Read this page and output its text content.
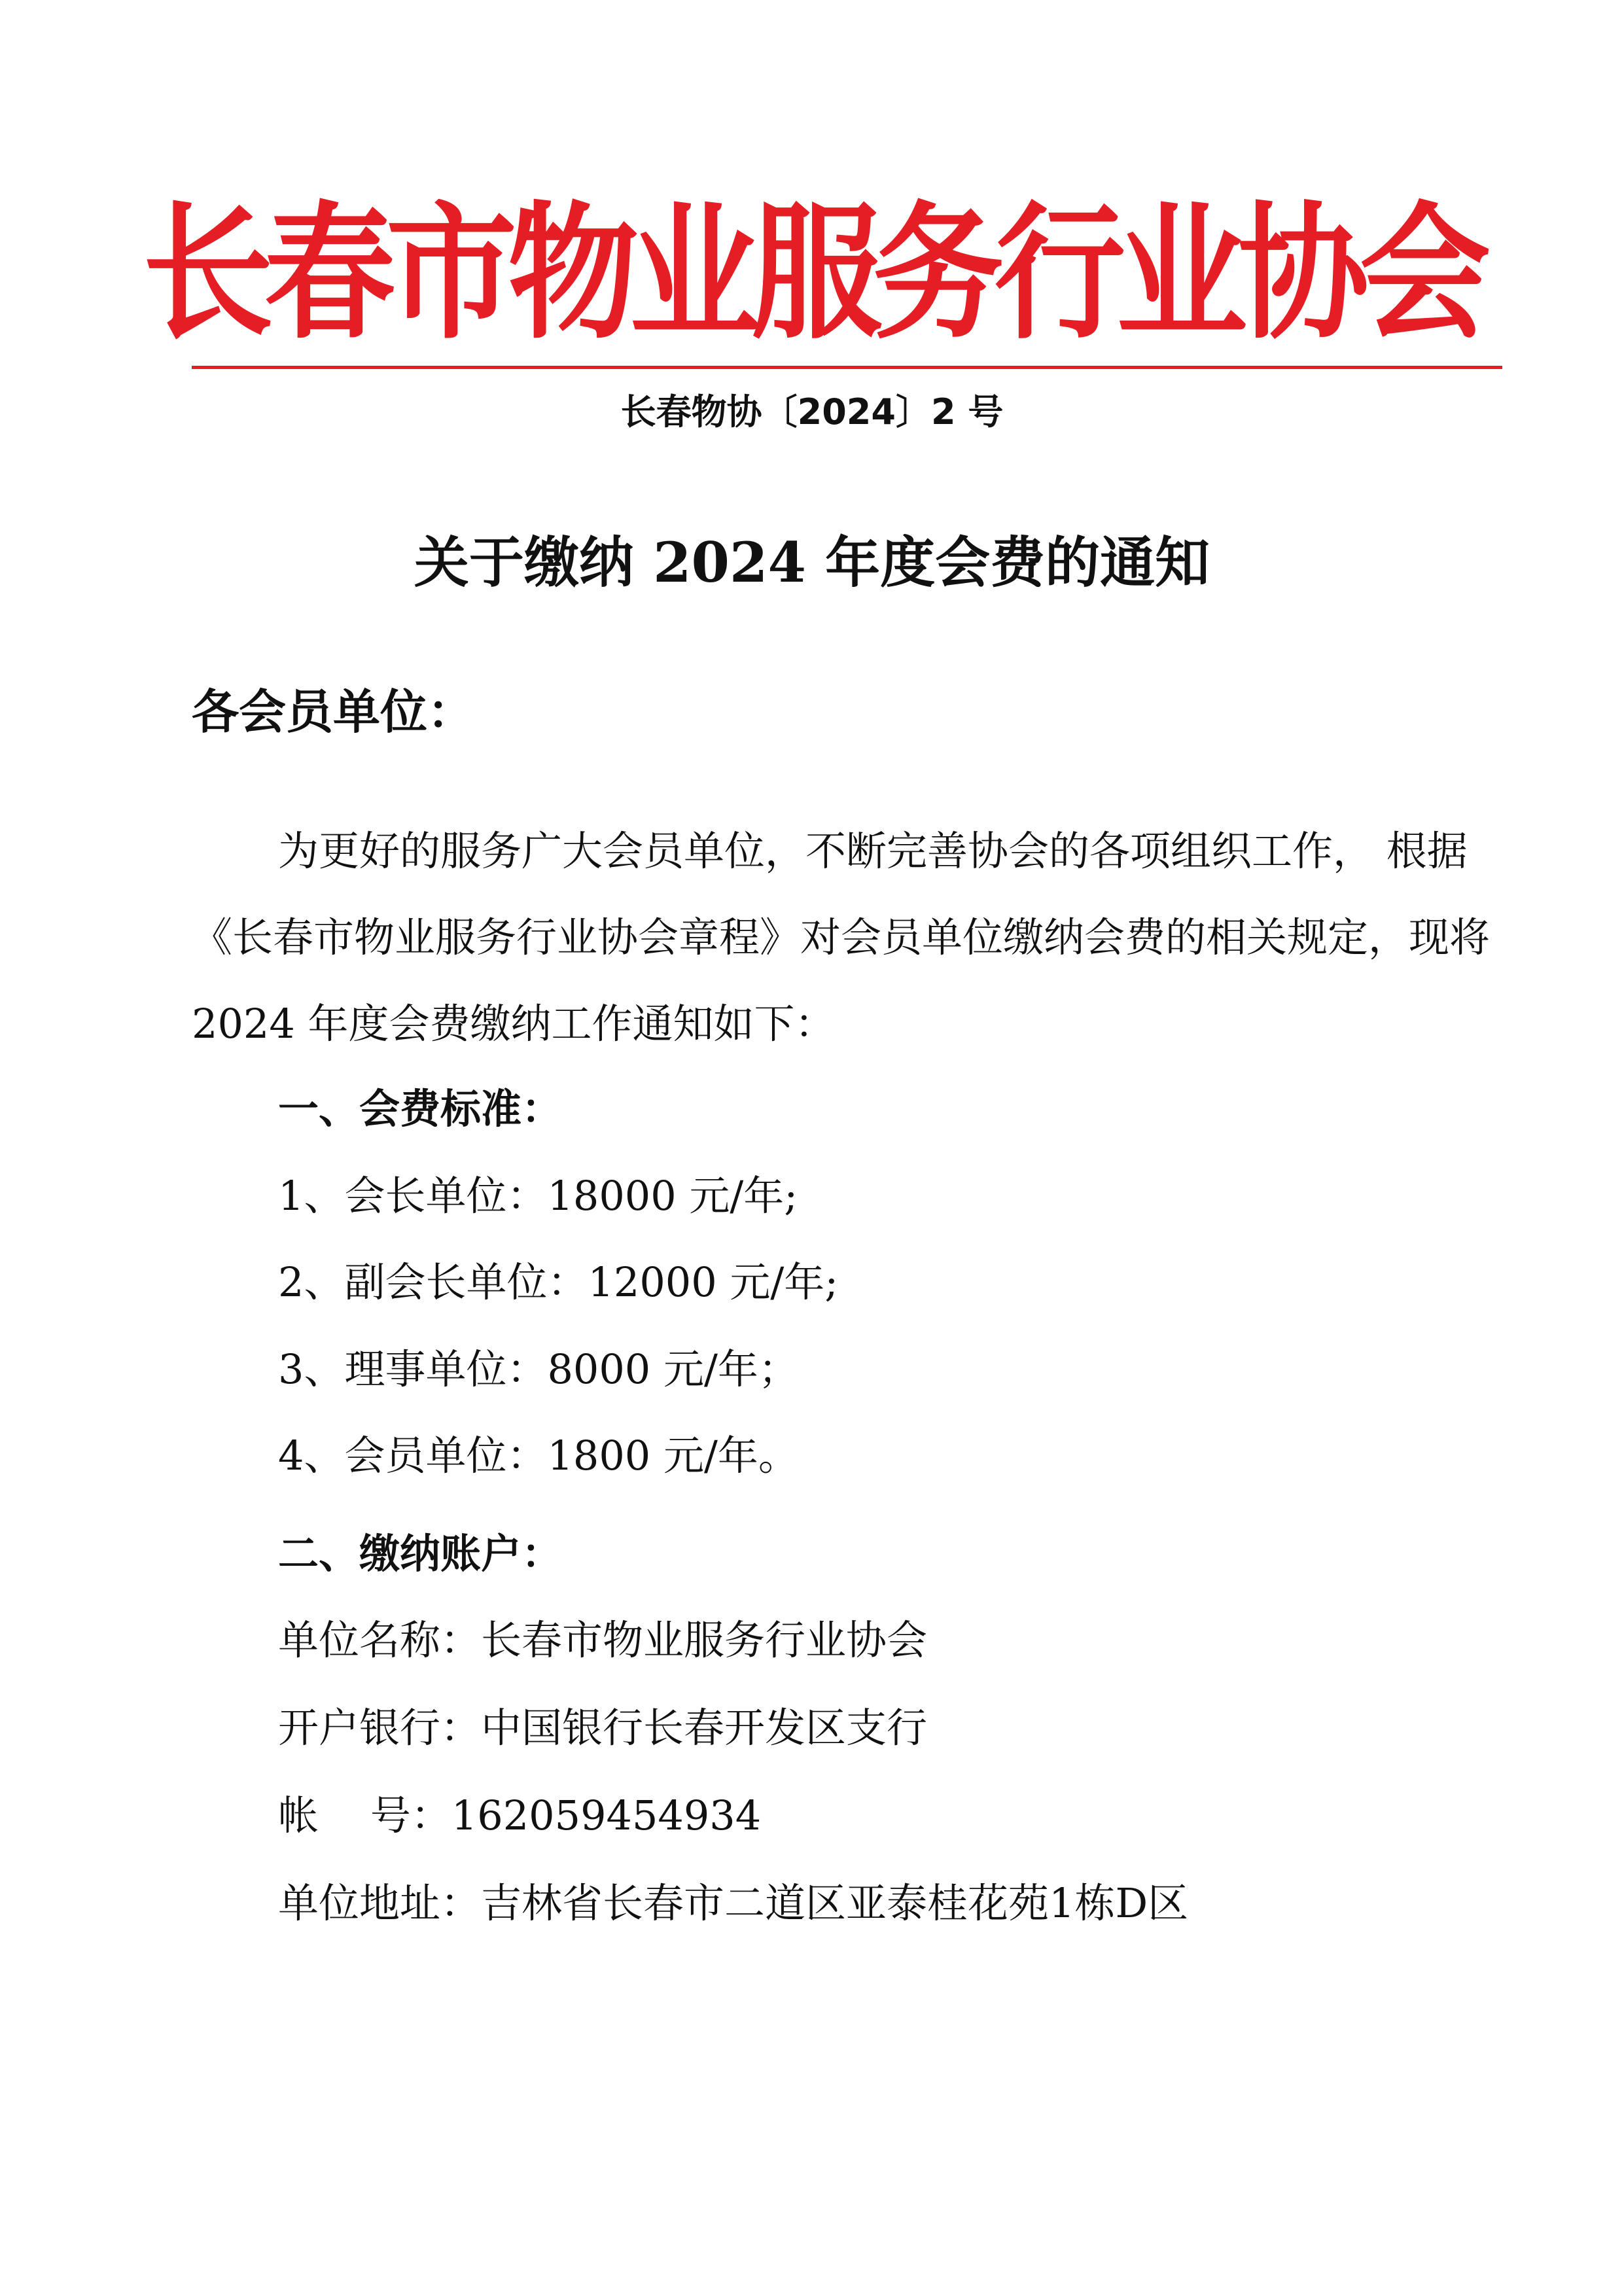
长春市物业服务行业协会
长春物协〔2024〕2 号
关于缴纳 2024 年度会费的通知
各会员单位：
为更好的服务广大会员单位，不断完善协会的各项组织工作， 根据
《长春市物业服务行业协会章程》对会员单位缴纳会费的相关规定，现将
2024 年度会费缴纳工作通知如下：
一、会费标准：
1、会长单位：18000 元/年;
2、副会长单位：12000 元/年;
3、理事单位：8000 元/年；
4、会员单位：1800 元/年。
二、缴纳账户：
单位名称：长春市物业服务行业协会
开户银行：中国银行长春开发区支行
帐    号：162059454934
单位地址：吉林省长春市二道区亚泰桂花苑1栋D区
